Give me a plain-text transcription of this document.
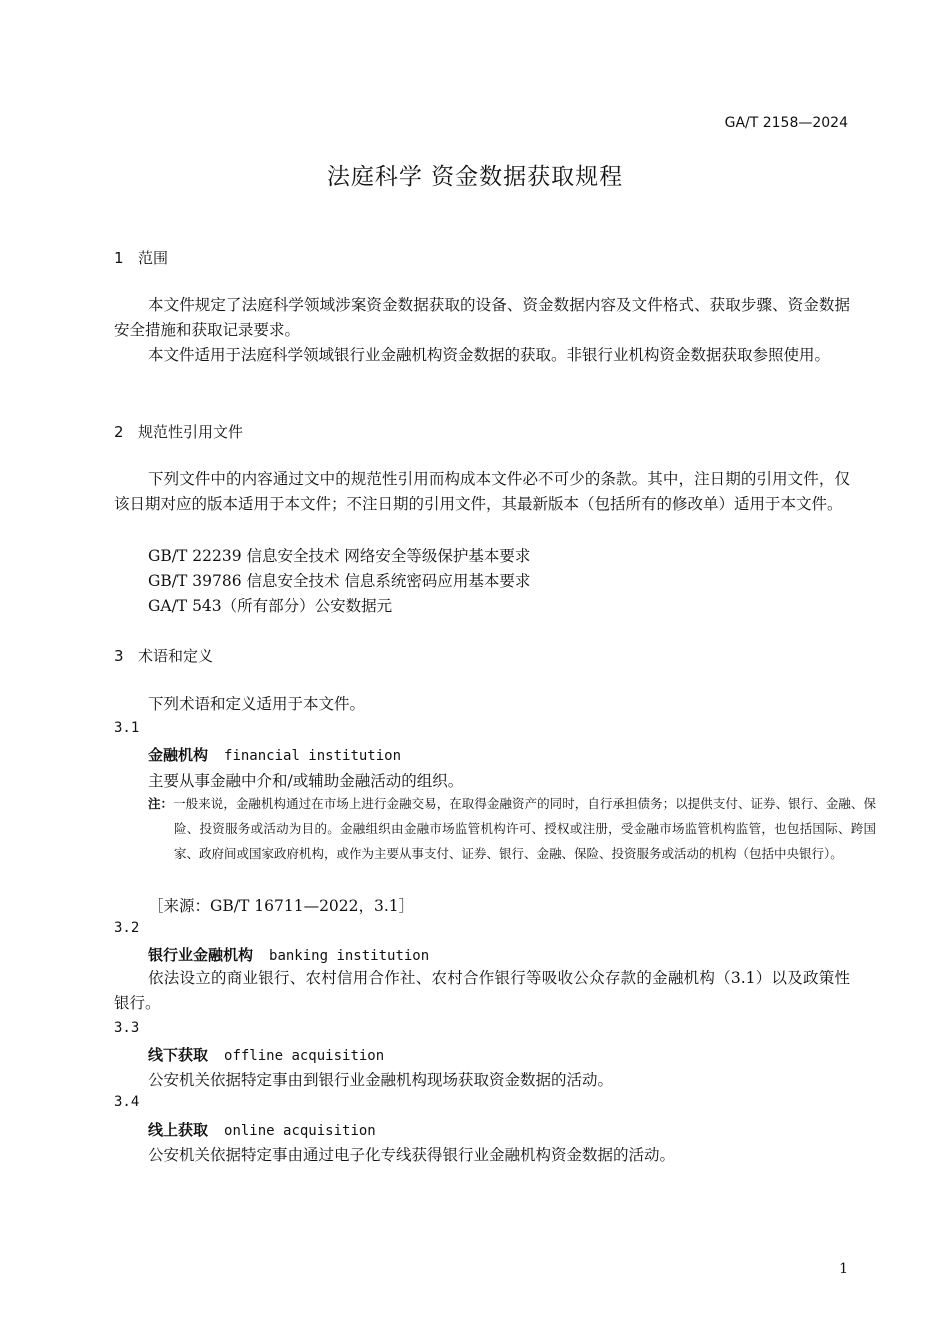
GA/T 2158—2024
法庭科学 资金数据获取规程
1 范围
本文件规定了法庭科学领域涉案资金数据获取的设备、资金数据内容及文件格式、获取步骤、资金数据安全措施和获取记录要求。
本文件适用于法庭科学领域银行业金融机构资金数据的获取。非银行业机构资金数据获取参照使用。
2 规范性引用文件
下列文件中的内容通过文中的规范性引用而构成本文件必不可少的条款。其中，注日期的引用文件，仅该日期对应的版本适用于本文件；不注日期的引用文件，其最新版本（包括所有的修改单）适用于本文件。
GB/T 22239 信息安全技术 网络安全等级保护基本要求
GB/T 39786 信息安全技术 信息系统密码应用基本要求
GA/T 543（所有部分）公安数据元
3 术语和定义
下列术语和定义适用于本文件。
3.1
金融机构 financial institution
主要从事金融中介和/或辅助金融活动的组织。
注：一般来说，金融机构通过在市场上进行金融交易，在取得金融资产的同时，自行承担债务；以提供支付、证券、银行、金融、保险、投资服务或活动为目的。金融组织由金融市场监管机构许可、授权或注册，受金融市场监管机构监管，也包括国际、跨国家、政府间或国家政府机构，或作为主要从事支付、证券、银行、金融、保险、投资服务或活动的机构（包括中央银行）。
［来源：GB/T 16711—2022，3.1］
3.2
银行业金融机构 banking institution
依法设立的商业银行、农村信用合作社、农村合作银行等吸收公众存款的金融机构（3.1）以及政策性银行。
3.3
线下获取 offline acquisition
公安机关依据特定事由到银行业金融机构现场获取资金数据的活动。
3.4
线上获取 online acquisition
公安机关依据特定事由通过电子化专线获得银行业金融机构资金数据的活动。
1
